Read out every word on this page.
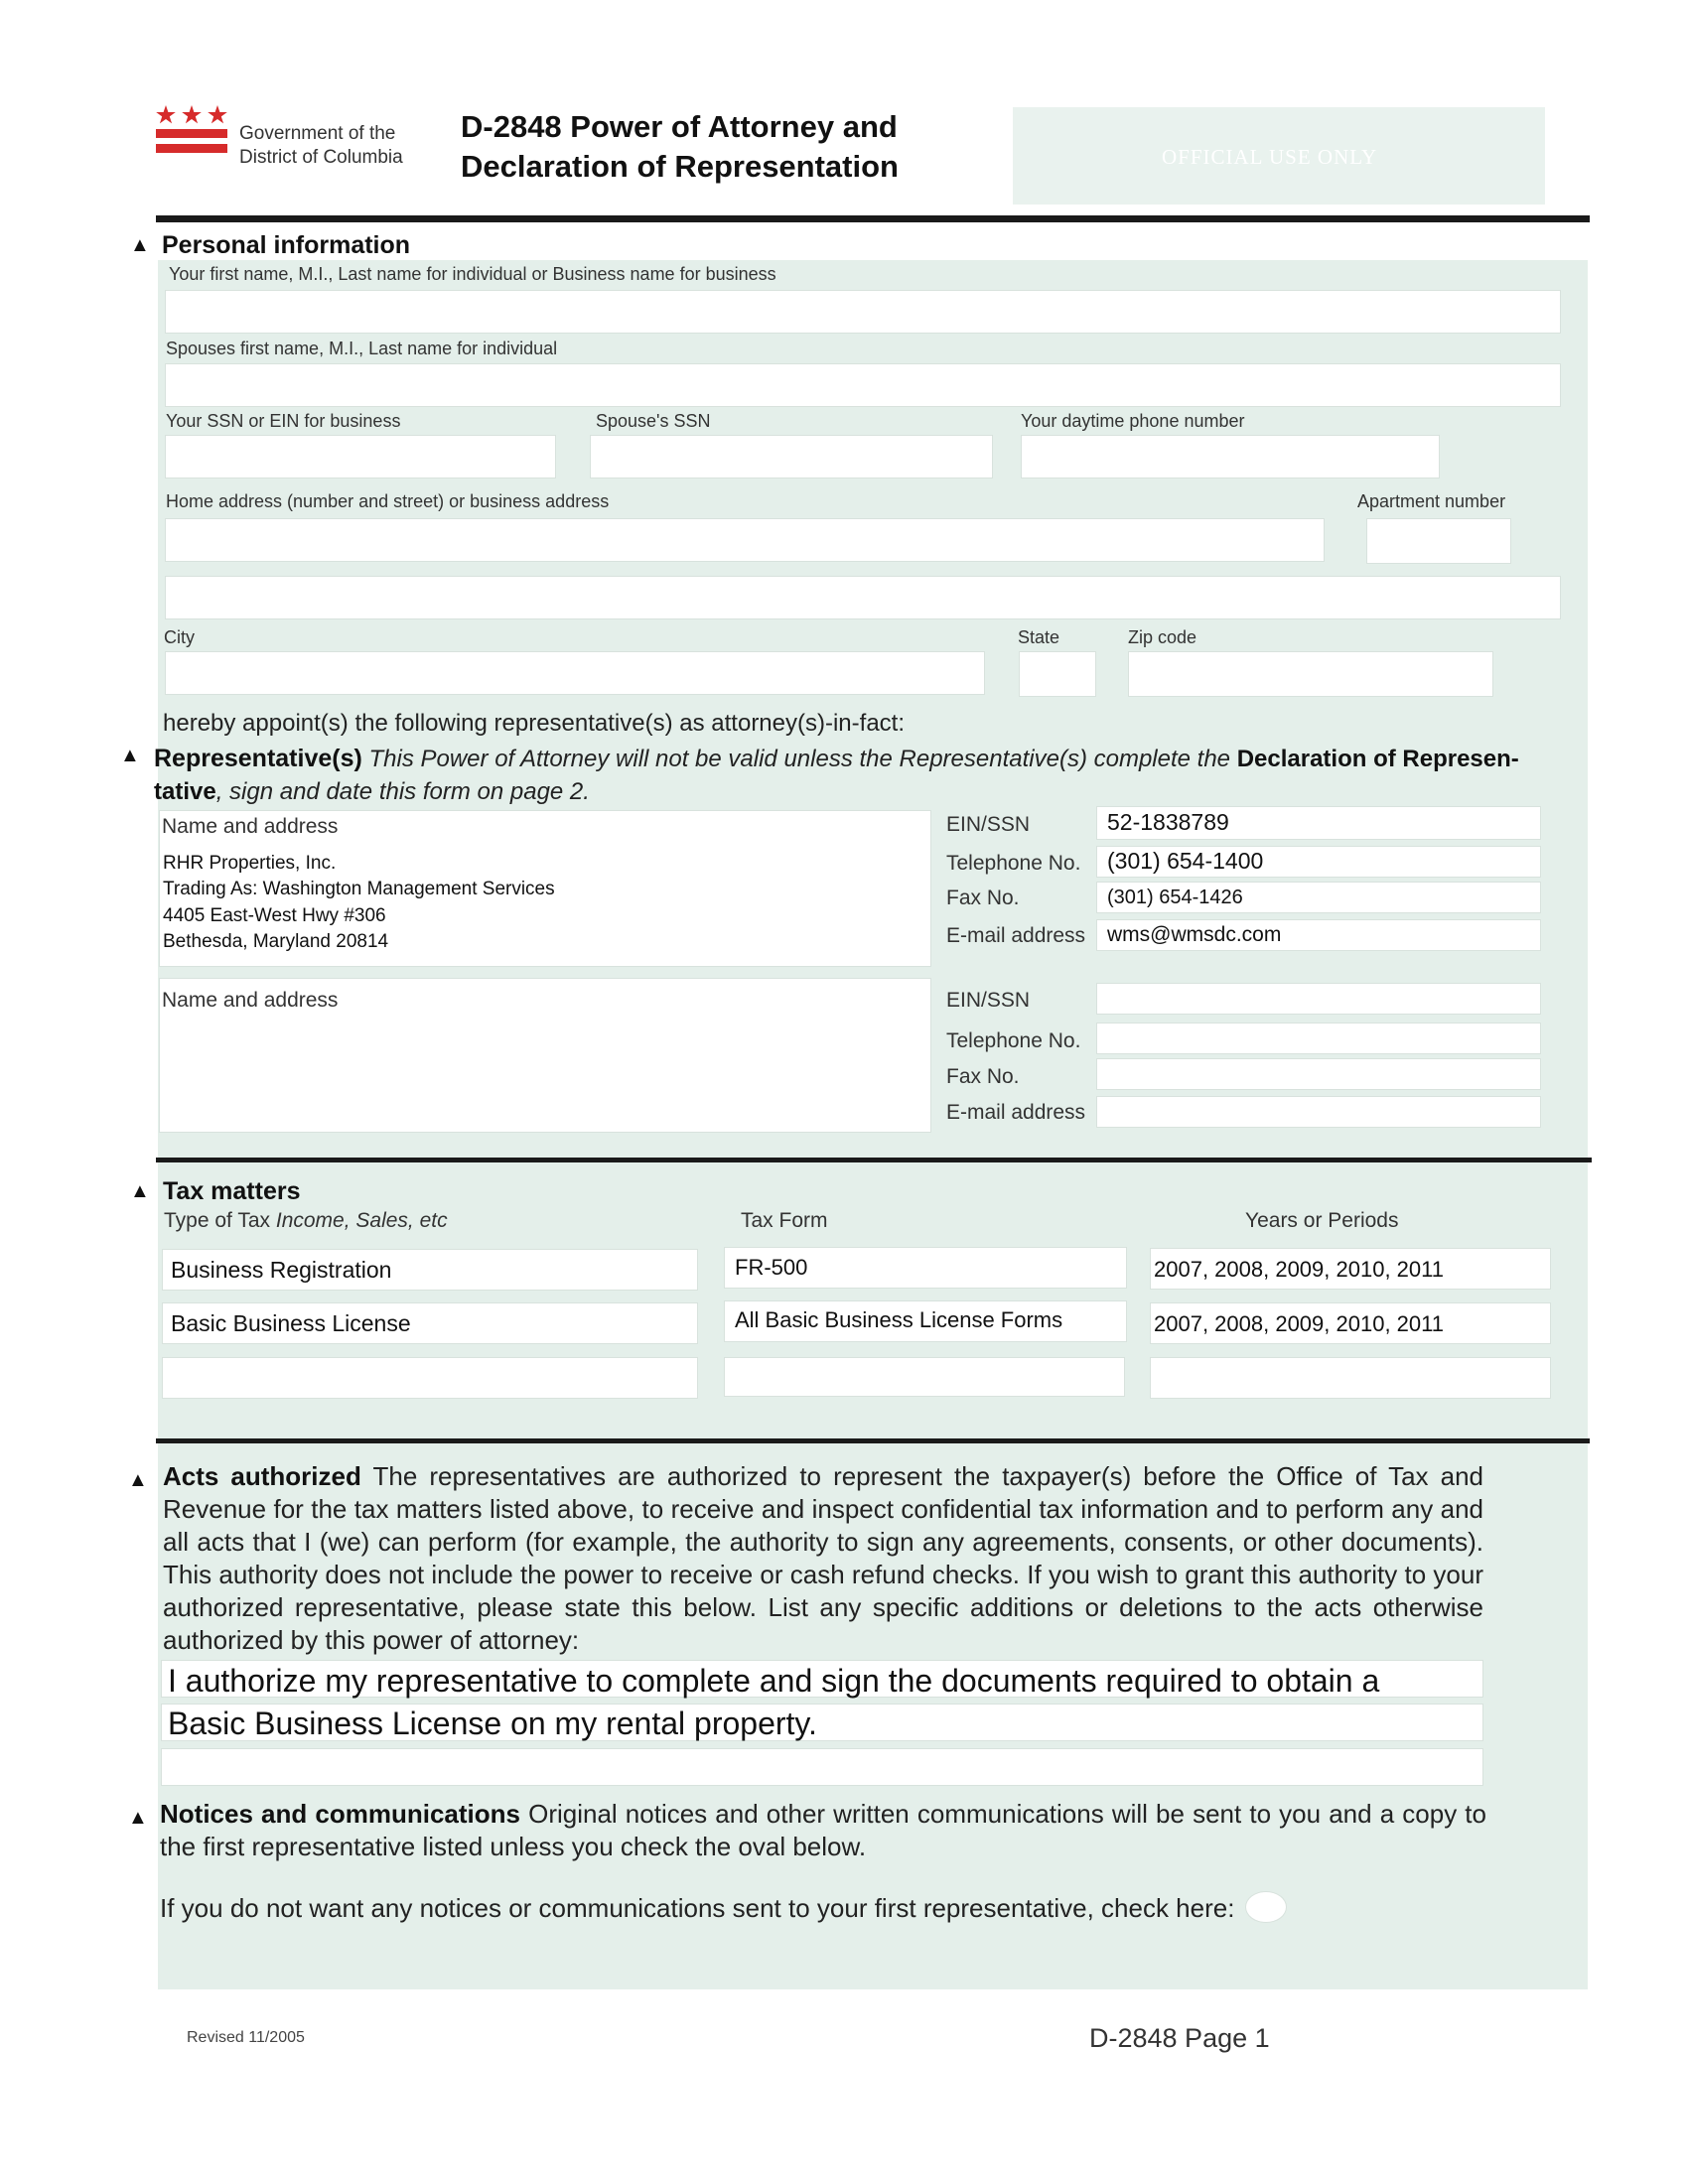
Government of the
District of Columbia
D-2848 Power of Attorney and
Declaration of Representation	OFFICIAL USE ONLY
▲ Personal information
Your first name, M.I., Last name for individual or Business name for business
Spouses first name, M.I., Last name for individual
Your SSN or EIN for business	Spouse's SSN	Your daytime phone number
Home address (number and street) or business address	Apartment number
City	State	Zip code
hereby appoint(s) the following representative(s) as attorney(s)-in-fact:
▲ Representative(s) This Power of Attorney will not be valid unless the Representative(s) complete the Declaration of Represen-
tative, sign and date this form on page 2.
Name and address
RHR Properties, Inc.
Trading As: Washington Management Services
4405 East-West Hwy #306
Bethesda, Maryland 20814
EIN/SSN	52-1838789
Telephone No. (301) 654-1400
Fax No.	(301) 654-1426
E-mail address wms@wmsdc.com
Name and address	EIN/SSN
Telephone No.
Fax No.
E-mail address
▲ Tax matters
Type of Tax Income, Sales, etc	Tax Form	Years or Periods
Business Registration	FR-500	2007, 2008, 2009, 2010, 2011
Basic Business License	All Basic Business License Forms	2007, 2008, 2009, 2010, 2011
▲ Acts authorized The representatives are authorized to represent the taxpayer(s) before the Office of Tax and Revenue for the tax matters listed above, to receive and inspect confidential tax information and to perform any and all acts that I (we) can perform (for example, the authority to sign any agreements, consents, or other documents). This authority does not include the power to receive or cash refund checks. If you wish to grant this authority to your authorized representative, please state this below. List any specific additions or deletions to the acts otherwise authorized by this power of attorney:
I authorize my representative to complete and sign the documents required to obtain a
Basic Business License on my rental property.
▲ Notices and communications Original notices and other written communications will be sent to you and a copy to the first representative listed unless you check the oval below.
If you do not want any notices or communications sent to your first representative, check here:
Revised 11/2005	D-2848 Page 1
